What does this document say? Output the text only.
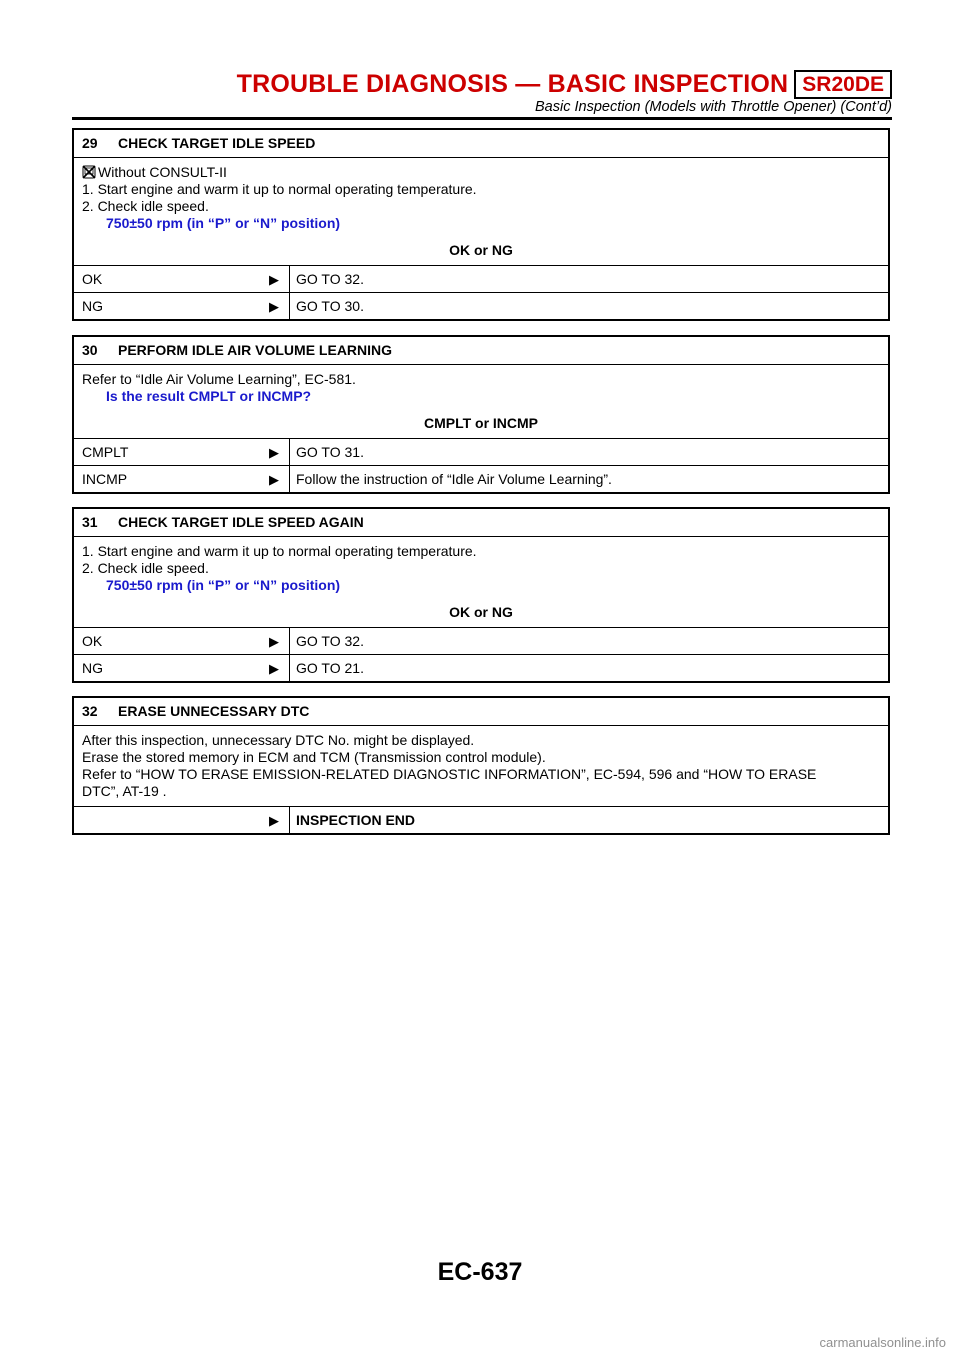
TROUBLE DIAGNOSIS — BASIC INSPECTION SR20DE
Basic Inspection (Models with Throttle Opener) (Cont’d)
29	CHECK TARGET IDLE SPEED
Without CONSULT-II
1. Start engine and warm it up to normal operating temperature.
2. Check idle speed.
750±50 rpm (in “P” or “N” position)
OK or NG
OK	▶	GO TO 32.
NG	▶	GO TO 30.
30	PERFORM IDLE AIR VOLUME LEARNING
Refer to “Idle Air Volume Learning”, EC-581.
Is the result CMPLT or INCMP?
CMPLT or INCMP
CMPLT	▶	GO TO 31.
INCMP	▶	Follow the instruction of “Idle Air Volume Learning”.
31	CHECK TARGET IDLE SPEED AGAIN
1. Start engine and warm it up to normal operating temperature.
2. Check idle speed.
750±50 rpm (in “P” or “N” position)
OK or NG
OK	▶	GO TO 32.
NG	▶	GO TO 21.
32	ERASE UNNECESSARY DTC
After this inspection, unnecessary DTC No. might be displayed.
Erase the stored memory in ECM and TCM (Transmission control module).
Refer to “HOW TO ERASE EMISSION-RELATED DIAGNOSTIC INFORMATION”, EC-594, 596 and “HOW TO ERASE
DTC”, AT-19 .
▶	INSPECTION END
EC-637
carmanualsonline.info
